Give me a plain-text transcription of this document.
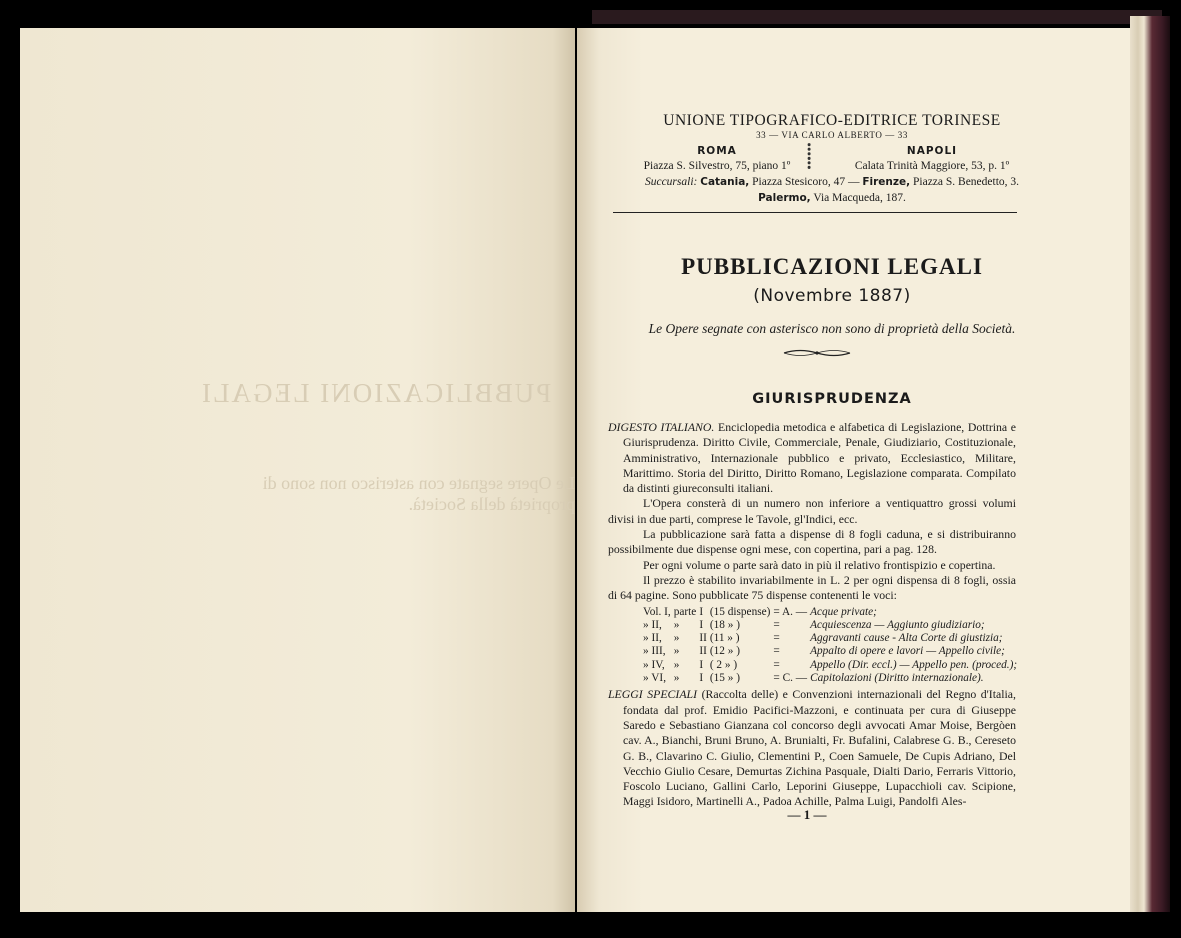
PUBBLICAZIONI LEGALI
Le Opere segnate con asterisco non sono di proprietà della Società.
UNIONE TIPOGRAFICO-EDITRICE TORINESE
33 — VIA CARLO ALBERTO — 33
ROMA
Piazza S. Silvestro, 75, piano 1º ⸽	NAPOLI
Calata Trinità Maggiore, 53, p. 1º
Succursali: Catania, Piazza Stesicoro, 47 — Firenze, Piazza S. Benedetto, 3.
Palermo, Via Macqueda, 187.
PUBBLICAZIONI LEGALI
(Novembre 1887)
Le Opere segnate con asterisco non sono di proprietà della Società.
GIURISPRUDENZA

DIGESTO ITALIANO. Enciclopedia metodica e alfabetica di Legislazione, Dottrina e Giurisprudenza. Diritto Civile, Commerciale, Penale, Giudiziario, Costituzionale, Amministrativo, Internazionale pubblico e privato, Ecclesiastico, Militare, Marittimo. Storia del Diritto, Diritto Romano, Legislazione comparata. Compilato da distinti giureconsulti italiani.

L'Opera consterà di un numero non inferiore a ventiquattro grossi volumi divisi in due parti, comprese le Tavole, gl'Indici, ecc.

La pubblicazione sarà fatta a dispense di 8 fogli caduna, e si distribuiranno possibilmente due dispense ogni mese, con copertina, pari a pag. 128.

Per ogni volume o parte sarà dato in più il relativo frontispizio e copertina.

Il prezzo è stabilito invariabilmente in L. 2 per ogni dispensa di 8 fogli, ossia di 64 pagine. Sono pubblicate 75 dispense contenenti le voci:

Vol. I,	parte	I	(15 dispense)	= A. —	Acque private;
» II,	»	I	(18 » )	=	Acquiescenza — Aggiunto giudiziario;
» II,	»	II	(11 » )	=	Aggravanti cause - Alta Corte di giustizia;
» III,	»	II	(12 » )	=	Appalto di opere e lavori — Appello civile;
» IV,	»	I	( 2 » )	=	Appello (Dir. eccl.) — Appello pen. (proced.);
» VI,	»	I	(15 » )	= C. —	Capitolazioni (Diritto internazionale).

LEGGI SPECIALI (Raccolta delle) e Convenzioni internazionali del Regno d'Italia, fondata dal prof. Emidio Pacifici-Mazzoni, e continuata per cura di Giuseppe Saredo e Sebastiano Gianzana col concorso degli avvocati Amar Moise, Bergòen cav. A., Bianchi, Bruni Bruno, A. Brunialti, Fr. Bufalini, Calabrese G. B., Cereseto G. B., Clavarino C. Giulio, Clementini P., Coen Samuele, De Cupis Adriano, Del Vecchio Giulio Cesare, Demurtas Zichina Pasquale, Dialti Dario, Ferraris Vittorio, Foscolo Luciano, Gallini Carlo, Leporini Giuseppe, Lupacchioli cav. Scipione, Maggi Isidoro, Martinelli A., Padoa Achille, Palma Luigi, Pandolfi Ales-

— 1 —
